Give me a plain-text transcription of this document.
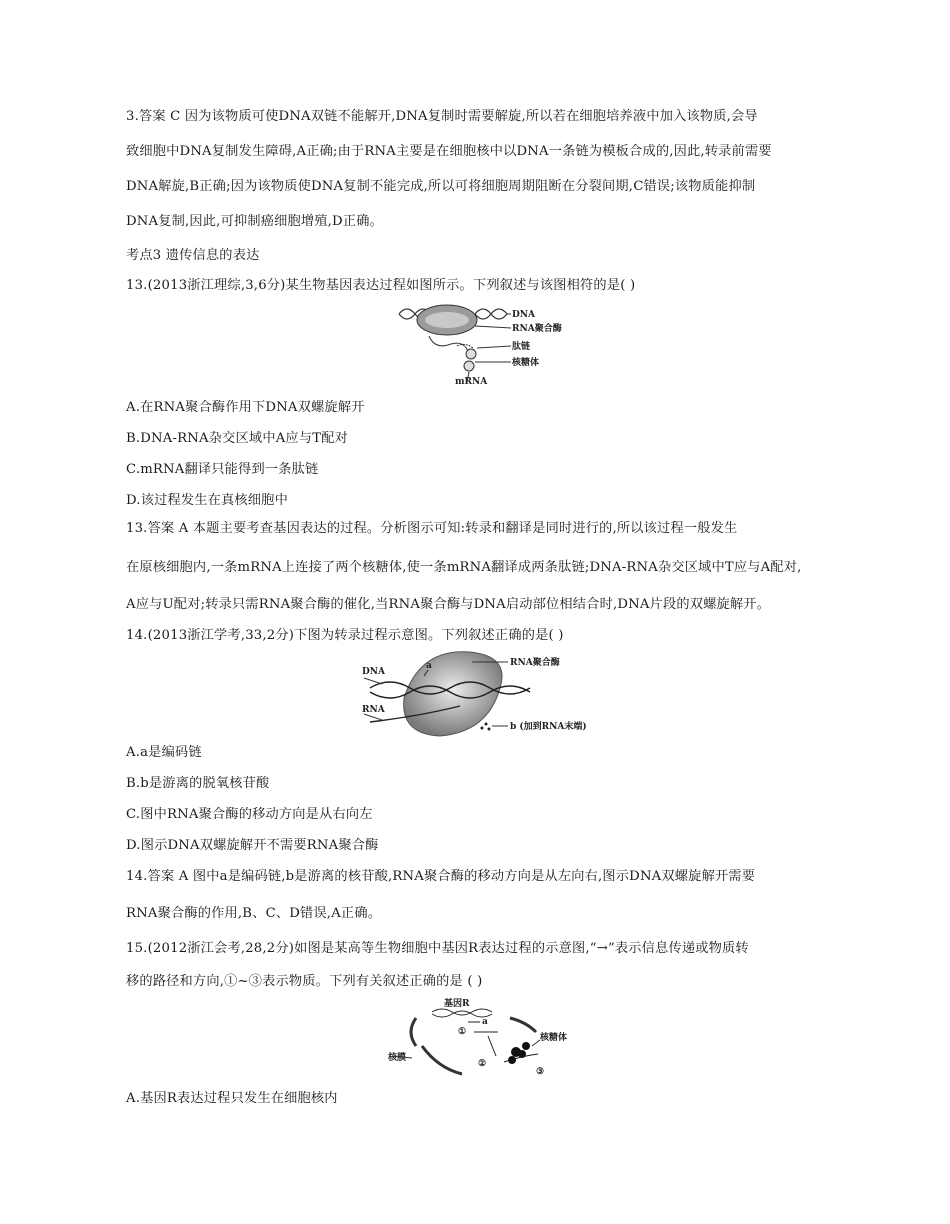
3.答案 C 因为该物质可使DNA双链不能解开,DNA复制时需要解旋,所以若在细胞培养液中加入该物质,会导
致细胞中DNA复制发生障碍,A正确;由于RNA主要是在细胞核中以DNA一条链为模板合成的,因此,转录前需要
DNA解旋,B正确;因为该物质使DNA复制不能完成,所以可将细胞周期阻断在分裂间期,C错误;该物质能抑制
DNA复制,因此,可抑制癌细胞增殖,D正确。
考点3 遗传信息的表达
13.(2013浙江理综,3,6分)某生物基因表达过程如图所示。下列叙述与该图相符的是( )
DNA
RNA聚合酶
肽链
核糖体
mRNA
A.在RNA聚合酶作用下DNA双螺旋解开
B.DNA-RNA杂交区域中A应与T配对
C.mRNA翻译只能得到一条肽链
D.该过程发生在真核细胞中
13.答案 A 本题主要考查基因表达的过程。分析图示可知:转录和翻译是同时进行的,所以该过程一般发生
在原核细胞内,一条mRNA上连接了两个核糖体,使一条mRNA翻译成两条肽链;DNA-RNA杂交区域中T应与A配对,
A应与U配对;转录只需RNA聚合酶的催化,当RNA聚合酶与DNA启动部位相结合时,DNA片段的双螺旋解开。
14.(2013浙江学考,33,2分)下图为转录过程示意图。下列叙述正确的是( )
DNA
RNA
a	RNA聚合酶
b (加到RNA末端)
A.a是编码链
B.b是游离的脱氧核苷酸
C.图中RNA聚合酶的移动方向是从右向左
D.图示DNA双螺旋解开不需要RNA聚合酶
14.答案 A 图中a是编码链,b是游离的核苷酸,RNA聚合酶的移动方向是从左向右,图示DNA双螺旋解开需要
RNA聚合酶的作用,B、C、D错误,A正确。
15.(2012浙江会考,28,2分)如图是某高等生物细胞中基因R表达过程的示意图,“→”表示信息传递或物质转
移的路径和方向,①~③表示物质。下列有关叙述正确的是 ( )
基因R
a
①
②
③
核膜
核糖体
A.基因R表达过程只发生在细胞核内
